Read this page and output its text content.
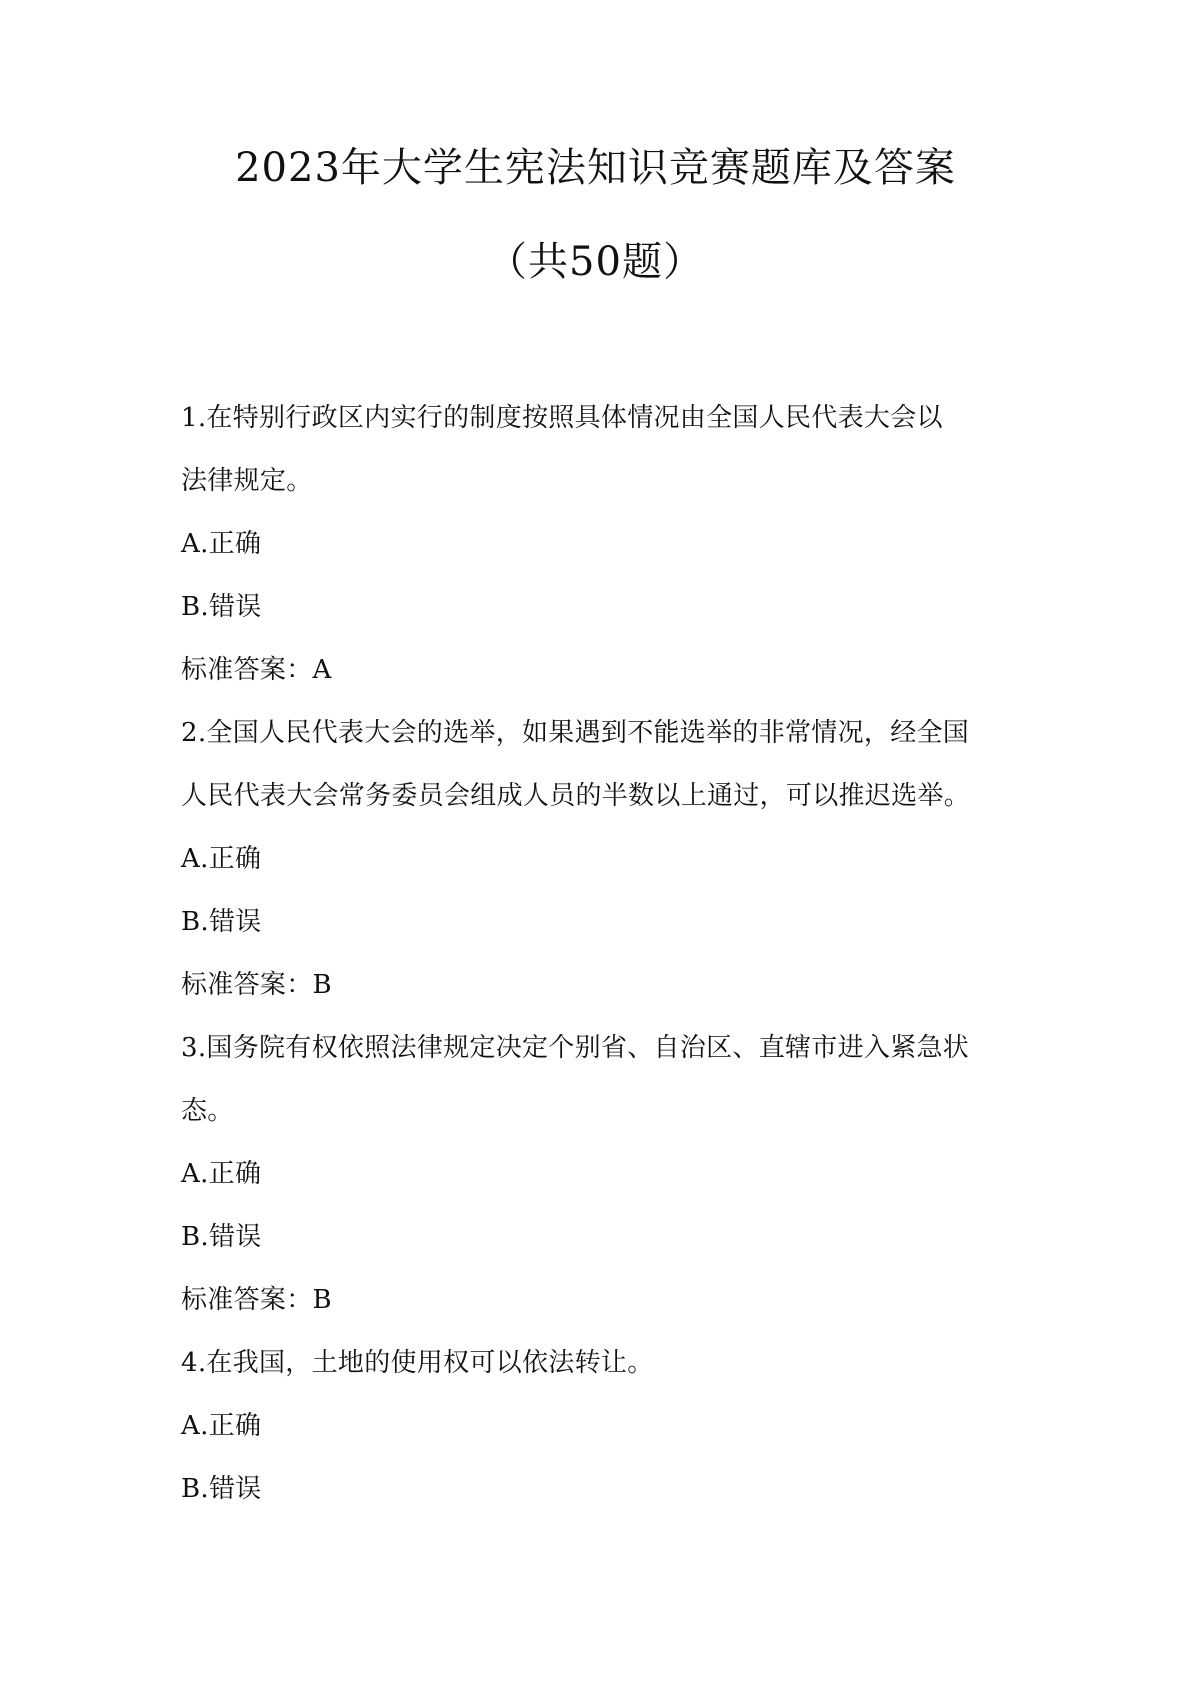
2023年大学生宪法知识竞赛题库及答案
（共50题）

1.在特别行政区内实行的制度按照具体情况由全国人民代表大会以

法律规定。

A.正确

B.错误

标准答案：A

2.全国人民代表大会的选举，如果遇到不能选举的非常情况，经全国

人民代表大会常务委员会组成人员的半数以上通过，可以推迟选举。

A.正确

B.错误

标准答案：B

3.国务院有权依照法律规定决定个别省、自治区、直辖市进入紧急状

态。

A.正确

B.错误

标准答案：B

4.在我国，土地的使用权可以依法转让。

A.正确

B.错误
